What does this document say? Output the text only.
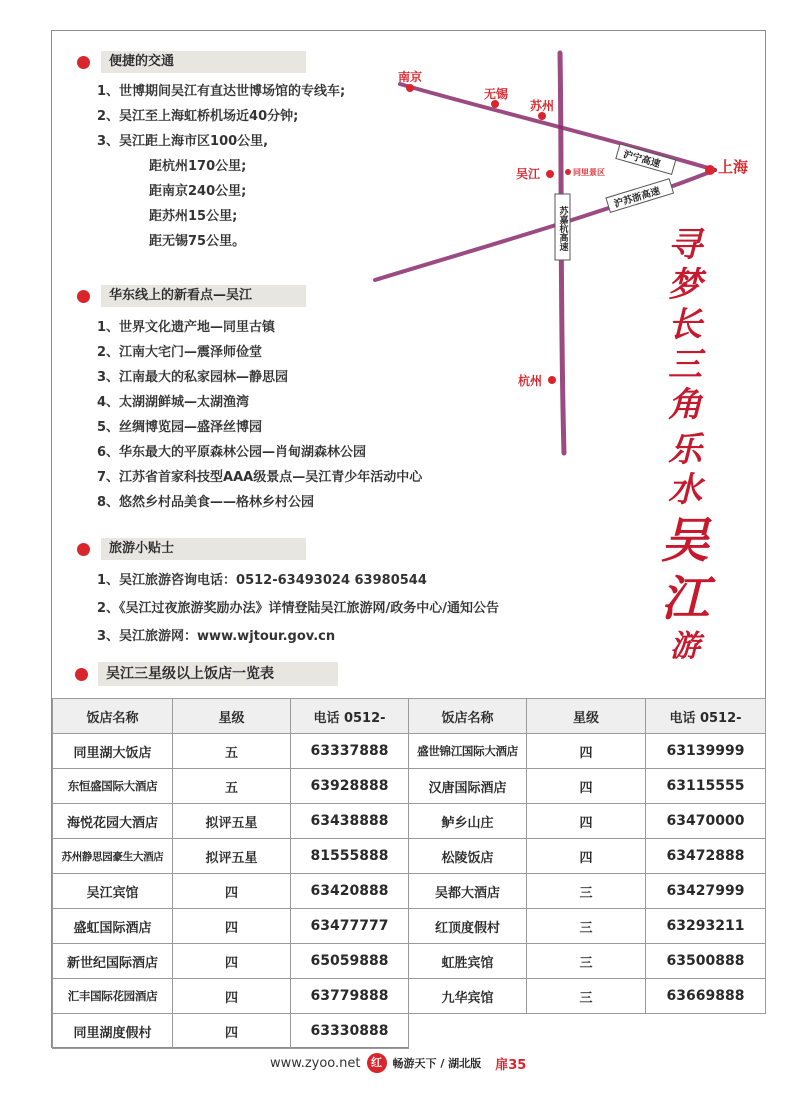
便捷的交通
1、世博期间吴江有直达世博场馆的专线车;
2、吴江至上海虹桥机场近40分钟;
3、吴江距上海市区100公里,
距杭州170公里;
距南京240公里;
距苏州15公里;
距无锡75公里。
华东线上的新看点—吴江
1、世界文化遗产地—同里古镇
2、江南大宅门—震泽师俭堂
3、江南最大的私家园林—静思园
4、太湖湖鲜城—太湖渔湾
5、丝绸博览园—盛泽丝博园
6、华东最大的平原森林公园—肖甸湖森林公园
7、江苏省首家科技型AAA级景点—吴江青少年活动中心
8、悠然乡村品美食——格林乡村公园
旅游小贴士
1、吴江旅游咨询电话：0512-63493024 63980544
2、《吴江过夜旅游奖励办法》详情登陆吴江旅游网/政务中心/通知公告
3、吴江旅游网：www.wjtour.gov.cn
南京
无锡
苏州
上海
吴江	同里景区
杭州
沪宁高速
沪苏浙高速
苏嘉杭高速	寻
梦
长
三
角
乐
水
吴
江
游
吴江三星级以上饭店一览表
饭店名称	星级	电话 0512-	饭店名称	星级	电话 0512-
同里湖大饭店	五	63337888	盛世锦江国际大酒店	四	63139999
东恒盛国际大酒店	五	63928888	汉唐国际酒店	四	63115555
海悦花园大酒店	拟评五星	63438888	鲈乡山庄	四	63470000
苏州静思园豪生大酒店	拟评五星	81555888	松陵饭店	四	63472888
吴江宾馆	四	63420888	吴都大酒店	三	63427999
盛虹国际酒店	四	63477777	红顶度假村	三	63293211
新世纪国际酒店	四	65059888	虹胜宾馆	三	63500888
汇丰国际花园酒店	四	63779888	九华宾馆	三	63669888
同里湖度假村	四	63330888			
www.zyoo.net 红 畅游天下 / 湖北版 扉35
